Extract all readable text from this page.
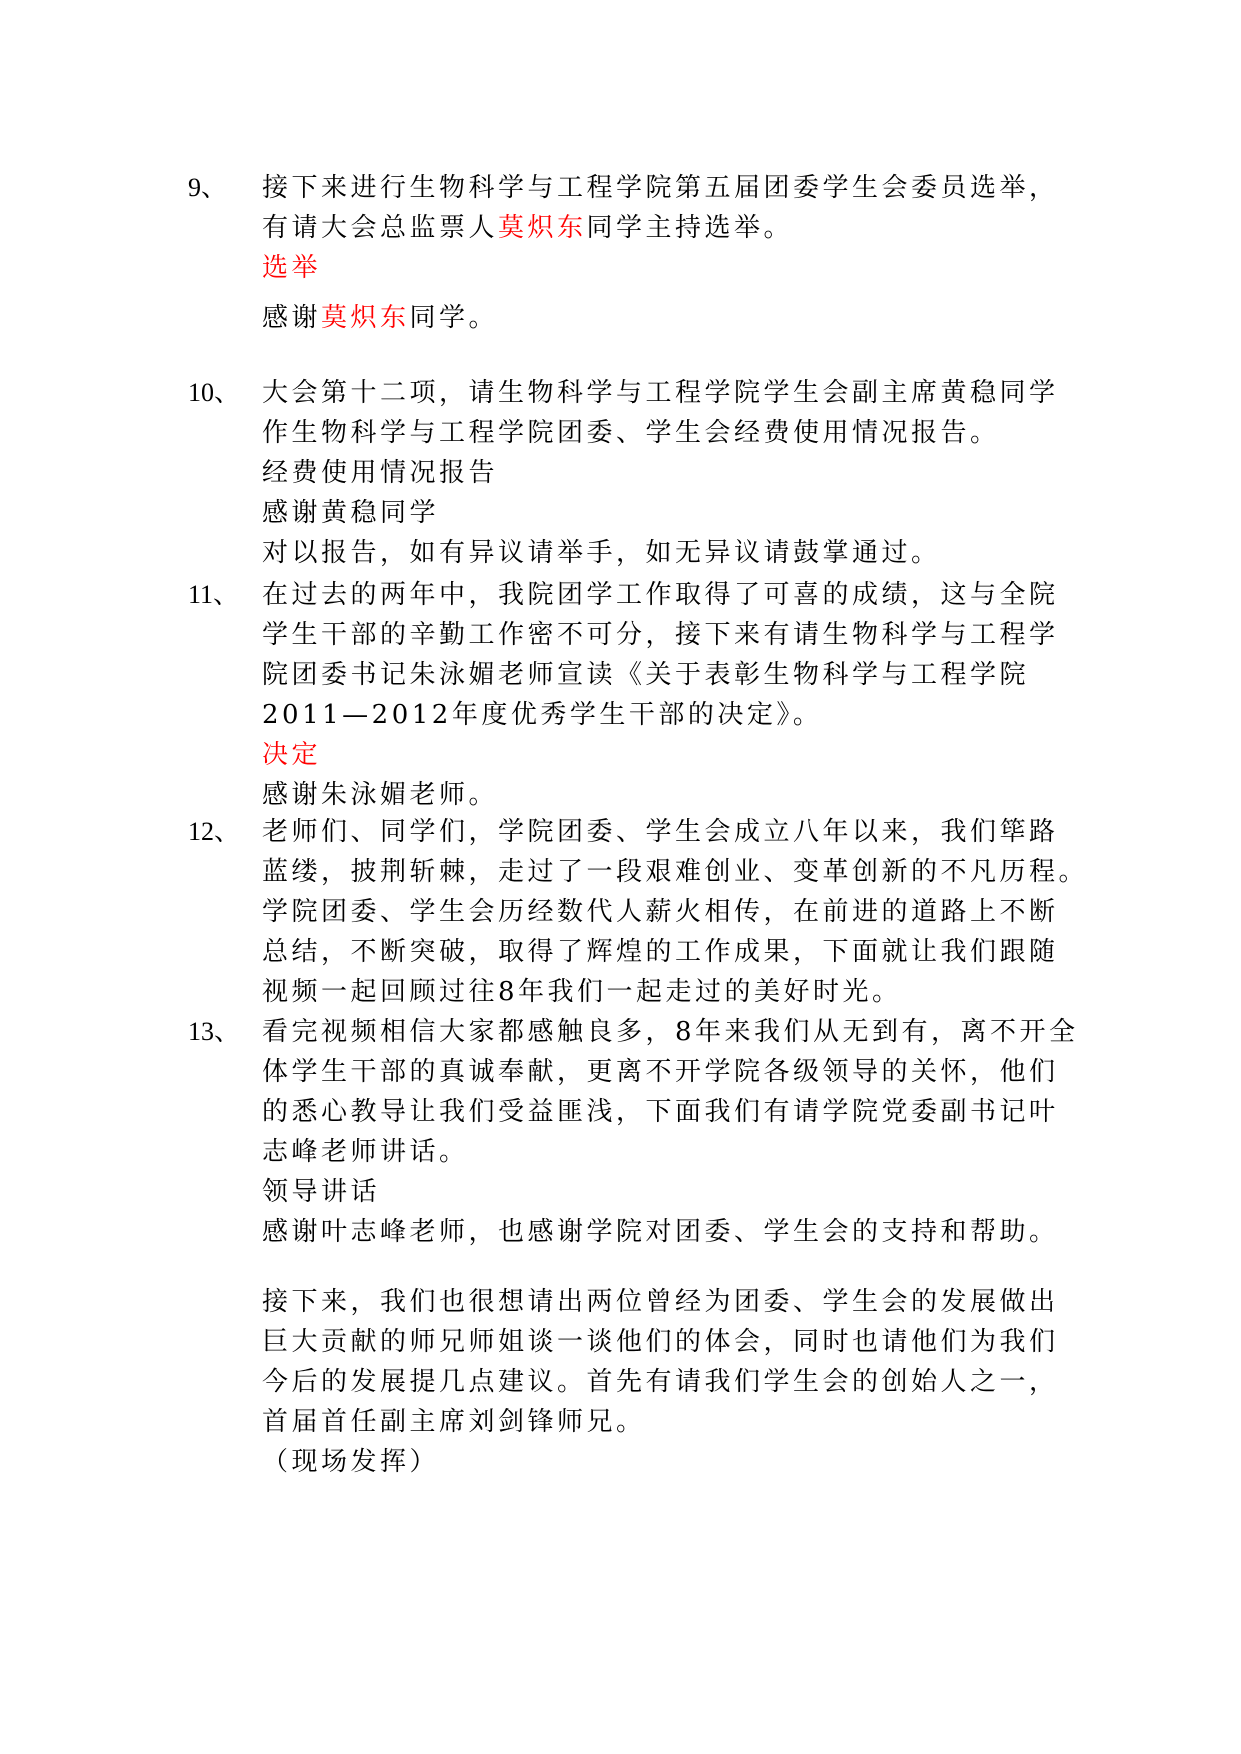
9、 接下来进行生物科学与工程学院第五届团委学生会委员选举，
有请大会总监票人莫炽东同学主持选举。
选举
感谢莫炽东同学。
10、 大会第十二项，请生物科学与工程学院学生会副主席黄稳同学
作生物科学与工程学院团委、学生会经费使用情况报告。
经费使用情况报告
感谢黄稳同学
对以报告，如有异议请举手，如无异议请鼓掌通过。
11、 在过去的两年中，我院团学工作取得了可喜的成绩，这与全院
学生干部的辛勤工作密不可分，接下来有请生物科学与工程学
院团委书记朱泳媚老师宣读《关于表彰生物科学与工程学院
2011—2012年度优秀学生干部的决定》。
决定
感谢朱泳媚老师。
12、 老师们、同学们，学院团委、学生会成立八年以来，我们筚路
蓝缕，披荆斩棘，走过了一段艰难创业、变革创新的不凡历程。
学院团委、学生会历经数代人薪火相传，在前进的道路上不断
总结，不断突破，取得了辉煌的工作成果，下面就让我们跟随
视频一起回顾过往8年我们一起走过的美好时光。
13、 看完视频相信大家都感触良多，8年来我们从无到有，离不开全
体学生干部的真诚奉献，更离不开学院各级领导的关怀，他们
的悉心教导让我们受益匪浅，下面我们有请学院党委副书记叶
志峰老师讲话。
领导讲话
感谢叶志峰老师，也感谢学院对团委、学生会的支持和帮助。
接下来，我们也很想请出两位曾经为团委、学生会的发展做出
巨大贡献的师兄师姐谈一谈他们的体会，同时也请他们为我们
今后的发展提几点建议。首先有请我们学生会的创始人之一，
首届首任副主席刘剑锋师兄。
（现场发挥）
